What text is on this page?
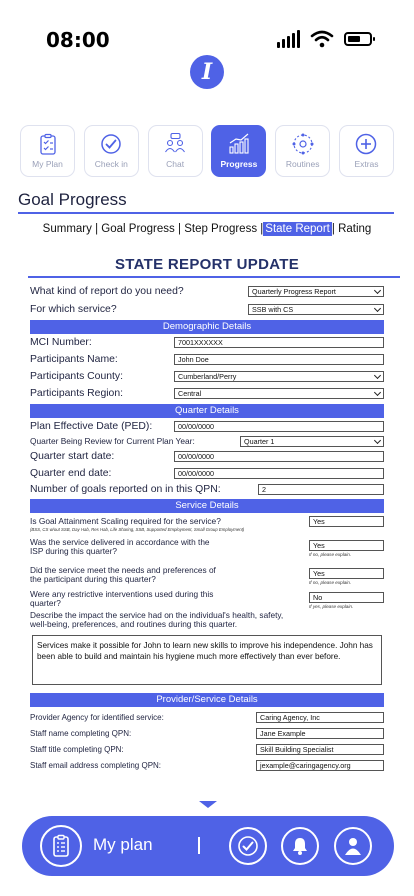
08:00
I
My Plan	Check in	Chat	Progress	Routines	Extras
Goal Progress
Summary | Goal Progress | Step Progress | State Report | Rating
STATE REPORT UPDATE
What kind of report do you need?	Quarterly Progress Report
For which service?	SSB with CS
Demographic Details
MCI Number:	7001XXXXXX
Participants Name:	John Doe
Participants County:	Cumberland/Perry
Participants Region:	Central
Quarter Details
Plan Effective Date (PED):	00/00/0000
Quarter Being Review for Current Plan Year:	Quarter 1
Quarter start date:	00/00/0000
Quarter end date:	00/00/0000
Number of goals reported on in this QPN:	2
Service Details
Is Goal Attainment Scaling required for the service?
(BSS, CS w/out SSB, Day Hab, Res Hab, Life Sharing, SSB, Supported Employment, Small Group Employment)
Yes
Was the service delivered in accordance with the
ISP during this quarter?
Yes
If no, please explain.
Did the service meet the needs and preferences of
the participant during this quarter?
Yes
If no, please explain.
Were any restrictive interventions used during this
quarter?
No
If yes, please explain.
Describe the impact the service had on the individual's health, safety,
well-being, preferences, and routines during this quarter.
Services make it possible for John to learn new skills to improve his independence. John has been able to build and maintain his hygiene much more effectively than ever before.
Provider/Service Details
Provider Agency for identified service:	Caring Agency, Inc
Staff name completing QPN:	Jane Example
Staff title completing QPN:	Skill Building Specialist
Staff email address completing QPN:	jexample@caringagency.org
My plan
